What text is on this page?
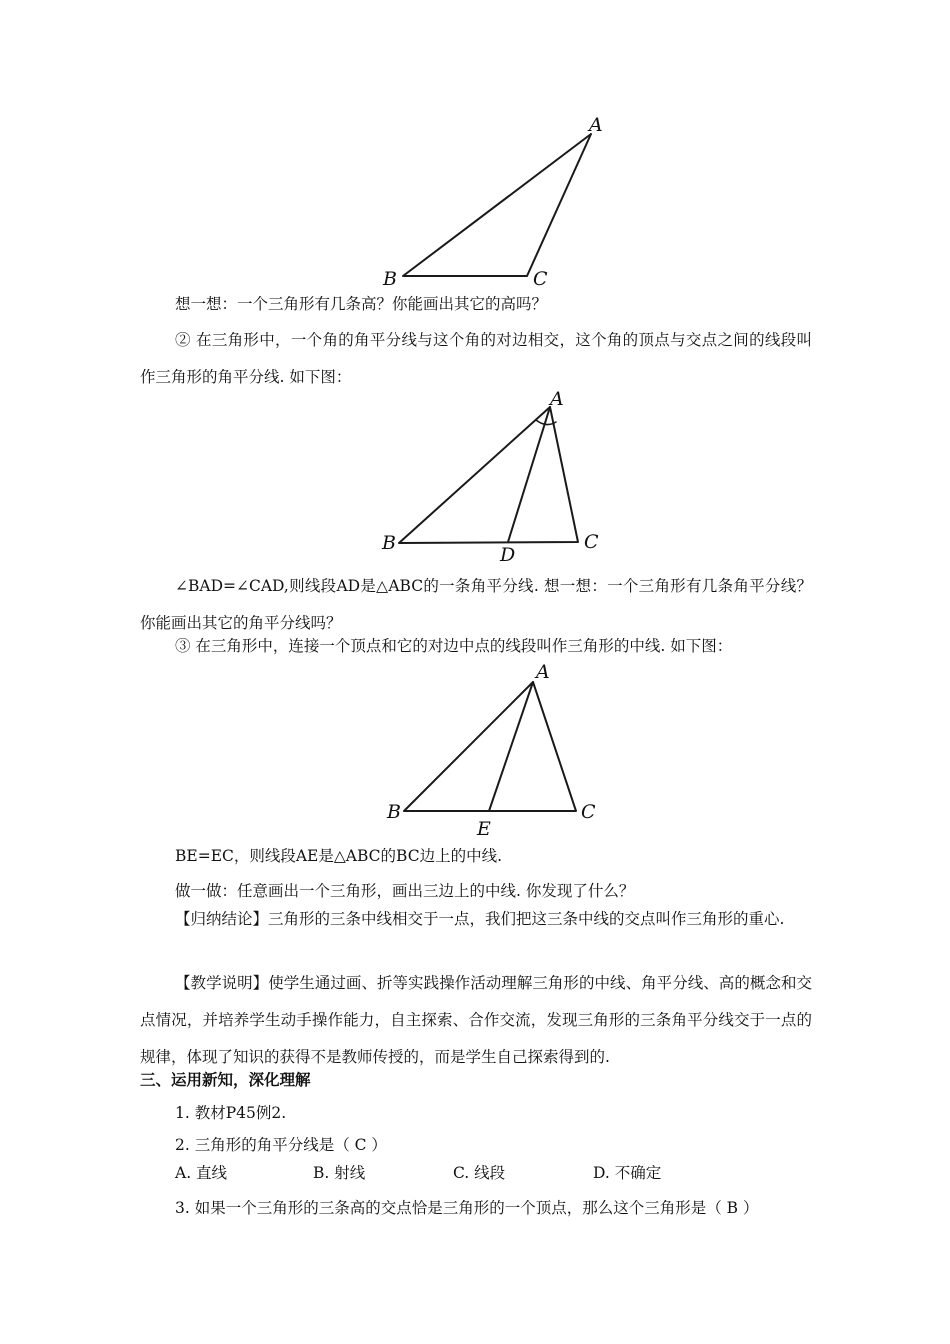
A
B	C
想一想：一个三角形有几条高？你能画出其它的高吗？
② 在三角形中，一个角的角平分线与这个角的对边相交，这个角的顶点与交点之间的线段叫作三角形的角平分线. 如下图：
A
B	C
D
∠BAD=∠CAD,则线段AD是△ABC的一条角平分线. 想一想：一个三角形有几条角平分线？你能画出其它的角平分线吗？
③ 在三角形中，连接一个顶点和它的对边中点的线段叫作三角形的中线. 如下图：
A
B	C
E
BE=EC，则线段AE是△ABC的BC边上的中线.
做一做：任意画出一个三角形，画出三边上的中线. 你发现了什么？
【归纳结论】三角形的三条中线相交于一点，我们把这三条中线的交点叫作三角形的重心.
【教学说明】使学生通过画、折等实践操作活动理解三角形的中线、角平分线、高的概念和交点情况，并培养学生动手操作能力，自主探索、合作交流，发现三角形的三条角平分线交于一点的规律，体现了知识的获得不是教师传授的，而是学生自己探索得到的.
三、运用新知，深化理解
1. 教材P45例2.
2. 三角形的角平分线是（ C ）
A. 直线	B. 射线	C. 线段	D. 不确定
3. 如果一个三角形的三条高的交点恰是三角形的一个顶点，那么这个三角形是（ B ）
